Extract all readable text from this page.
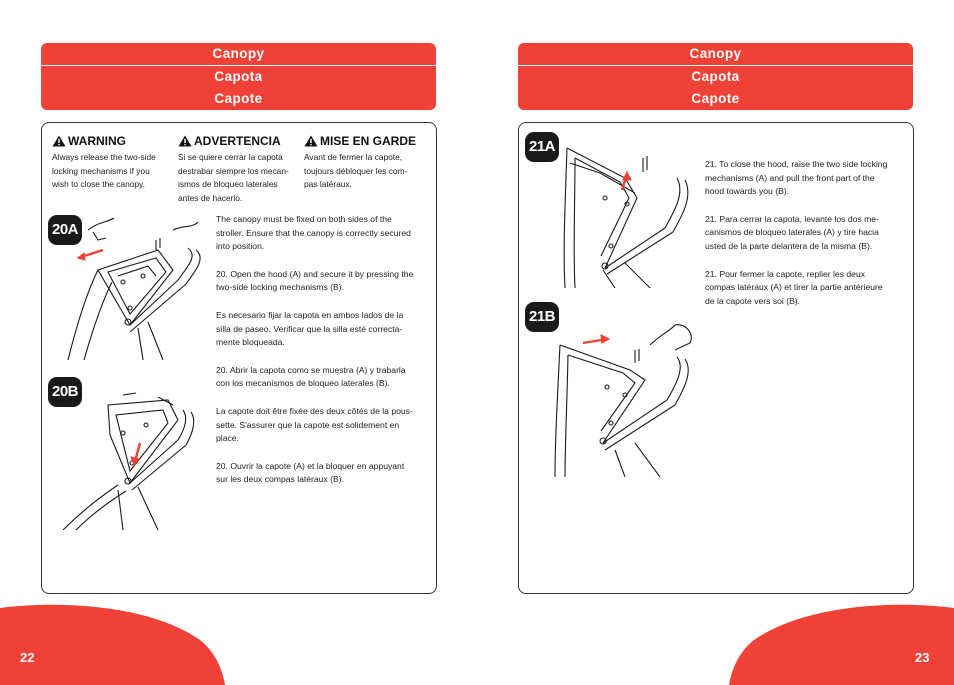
Canopy
Capota
Capote
WARNING
Always release the two-side
locking mechanisms if you
wish to close the canopy.
ADVERTENCIA
Si se quiere cerrar la capota
destrabar siempre los mecan-
ismos de bloqueo laterales
antes de hacerlo.
MISE EN GARDE
Avant de fermer la capote,
toujours débloquer les com-
pas latéraux.
20A
20B

The canopy must be fixed on both sides of the
stroller. Ensure that the canopy is correctly secured
into position.

20. Open the hood (A) and secure it by pressing the
two-side locking mechanisms (B).

Es necesario fijar la capota en ambos lados de la
silla de paseo. Verificar que la silla esté correcta-
mente bloqueada.

20. Abrir la capota como se muestra (A) y trabarla
con los mecanismos de bloqueo laterales (B).

La capote doit être fixée des deux côtés de la pous-
sette. S'assurer que la capote est solidement en
place.

20. Ouvrir la capote (A) et la bloquer en appuyant
sur les deux compas latéraux (B).

22
Canopy
Capota
Capote
21A
21B

21. To close the hood, raise the two side locking
mechanisms (A) and pull the front part of the
hood towards you (B).

21. Para cerrar la capota, levante los dos me-
canismos de bloqueo laterales (A) y tire hacia
usted de la parte delantera de la misma (B).

21. Pour fermer la capote, replier les deux
compas latéraux (A) et tirer la partie antérieure
de la capote vers soi (B).

23
